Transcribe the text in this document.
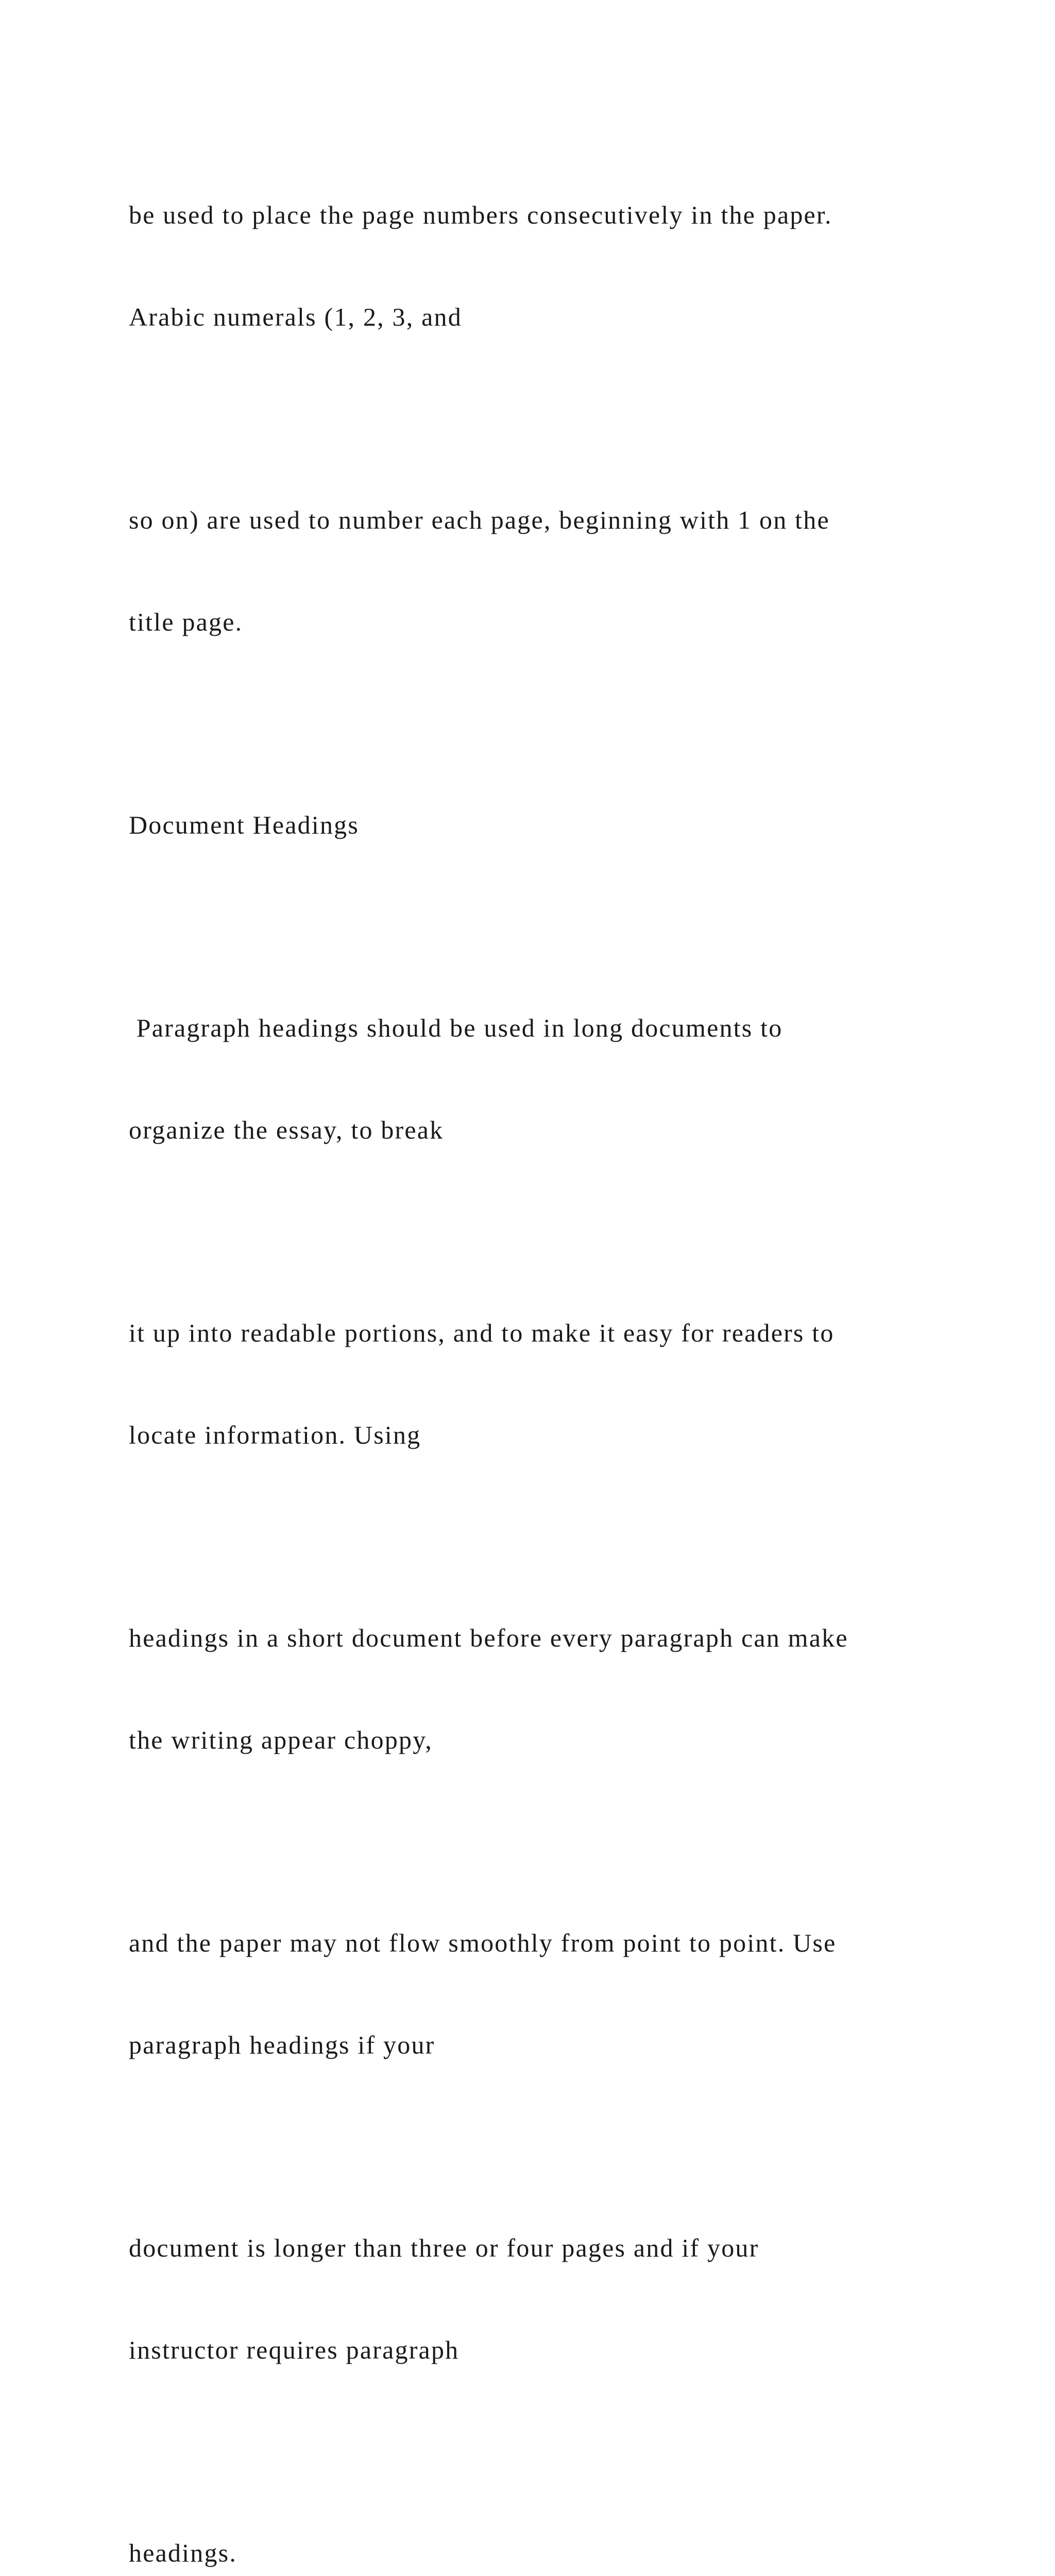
be used to place the page numbers consecutively in the paper.

Arabic numerals (1, 2, 3, and

so on) are used to number each page, beginning with 1 on the

title page.

Document Headings

Paragraph headings should be used in long documents to

organize the essay, to break

it up into readable portions, and to make it easy for readers to

locate information. Using

headings in a short document before every paragraph can make

the writing appear choppy,

and the paper may not flow smoothly from point to point. Use

paragraph headings if your

document is longer than three or four pages and if your

instructor requires paragraph

headings.
